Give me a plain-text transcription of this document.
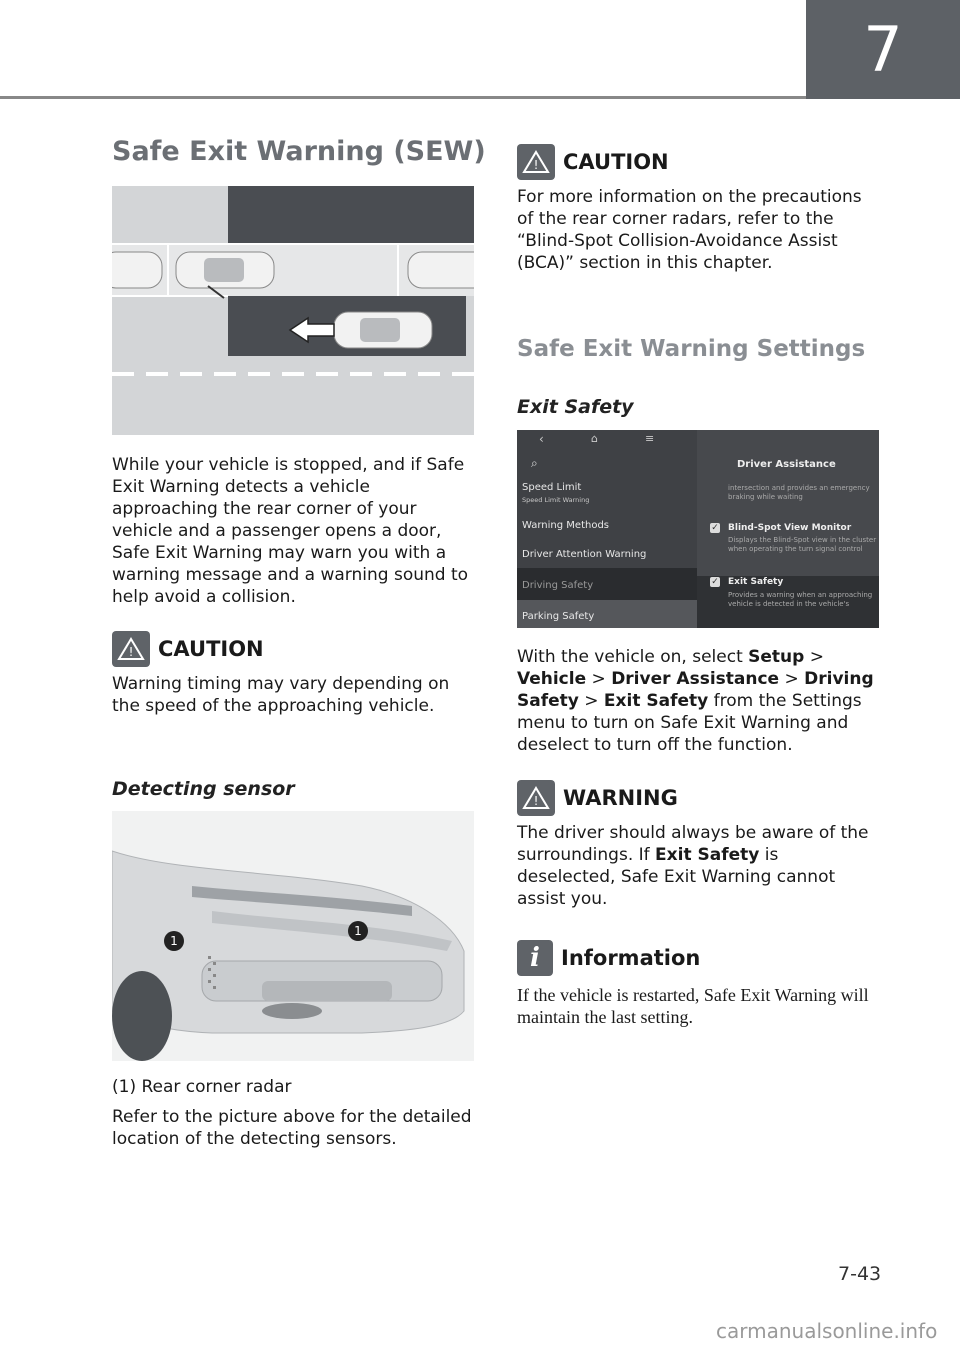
7
Safe Exit Warning (SEW)
While your vehicle is stopped, and if Safe Exit Warning detects a vehicle approaching the rear corner of your vehicle and a passenger opens a door, Safe Exit Warning may warn you with a warning message and a warning sound to help avoid a collision.
! CAUTION
Warning timing may vary depending on the speed of the approaching vehicle.
Detecting sensor
1
1
(1) Rear corner radar
Refer to the picture above for the detailed location of the detecting sensors.
! CAUTION
For more information on the precautions of the rear corner radars, refer to the “Blind-Spot Collision-Avoidance Assist (BCA)” section in this chapter.
Safe Exit Warning Settings
Exit Safety
‹	⌂	≡
⌕
Speed Limit
Speed Limit Warning
Warning Methods
Driver Attention Warning
Driving Safety
Parking Safety
Driver Assistance
intersection and provides an emergency braking while waiting
✓ Blind-Spot View Monitor
Displays the Blind-Spot view in the cluster when operating the turn signal control
✓ Exit Safety
Provides a warning when an approaching vehicle is detected in the vehicle's
With the vehicle on, select Setup > Vehicle > Driver Assistance > Driving Safety > Exit Safety from the Settings menu to turn on Safe Exit Warning and deselect to turn off the function.
! WARNING
The driver should always be aware of the surroundings. If Exit Safety is deselected, Safe Exit Warning cannot assist you.
i	Information
If the vehicle is restarted, Safe Exit Warning will maintain the last setting.
7-43
carmanualsonline.info
